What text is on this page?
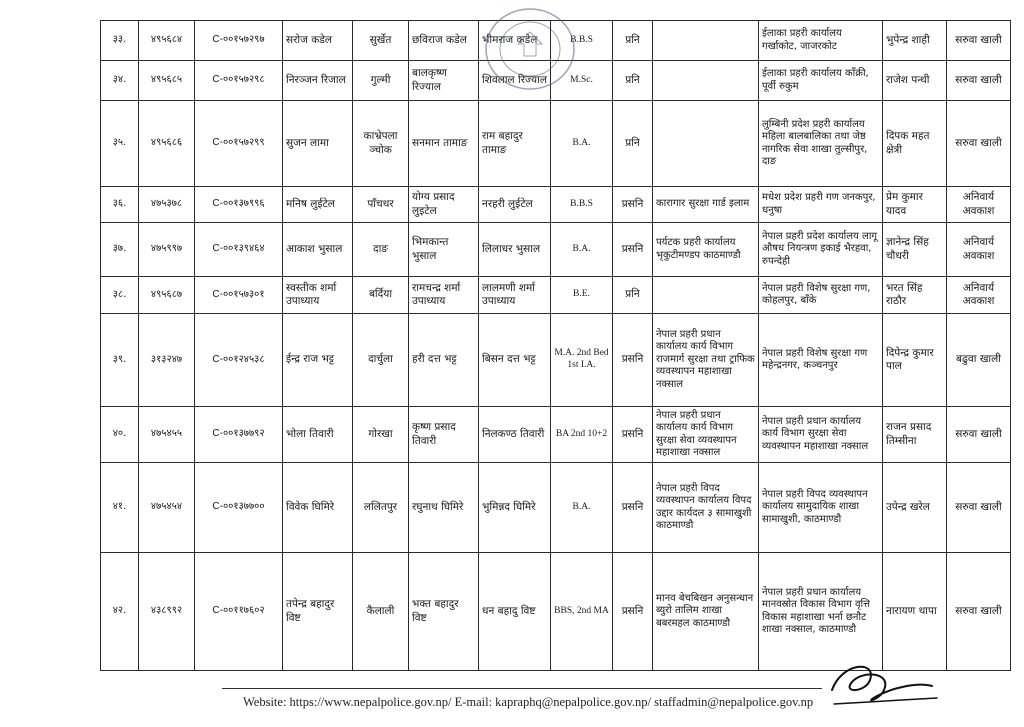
३३.	४९५६८४	C-००१५७२९७	सरोज कडेल	सुर्खेत	छविराज कडेल	भीमराज कडेल	B.B.S	प्रनि		ईलाका प्रहरी कार्यालय गर्खाकोट, जाजरकोट	भुपेन्द्र शाही	सरुवा खाली
३४.	४९५६८५	C-००१५७२९८	निरञ्जन रिजाल	गुल्मी	बालकृष्ण रिज्याल	शिवलाल रिज्याल	M.Sc.	प्रनि		ईलाका प्रहरी कार्यालय काँक्री, पूर्वी रुकुम	राजेश पन्थी	सरुवा खाली
३५.	४९५६८६	C-००१५७२९९	सुजन लामा	काभ्रेपला ञ्चोक	सनमान तामाङ	राम बहादुर तामाङ	B.A.	प्रनि		लुम्बिनी प्रदेश प्रहरी कार्यालय महिला बालबालिका तथा जेष्ठ नागरिक सेवा शाखा तुल्सीपुर, दाङ	दिपक महत क्षेत्री	सरुवा खाली
३६.	४७५३७८	C-००१३७९९६	मनिष लुईटेल	पाँचथर	योग्य प्रसाद लुइटेल	नरहरी लुईटेल	B.B.S	प्रसनि	कारागार सुरक्षा गार्ड इलाम	मधेश प्रदेश प्रहरी गण जनकपुर, धनुषा	प्रेम कुमार यादव	अनिवार्य अवकाश
३७.	४७५९९७	C-००१३९४६४	आकाश भुसाल	दाङ	भिमकान्त भुसाल	लिलाधर भुसाल	B.A.	प्रसनि	पर्यटक प्रहरी कार्यालय भृकुटीमण्डप काठमाण्डौ	नेपाल प्रहरी प्रदेश कार्यालय लागू औषध नियन्त्रण इकाई भैरहवा, रुपन्देही	ज्ञानेन्द्र सिंह चौधरी	अनिवार्य अवकाश
३८.	४९५६८७	C-००१५७३०१	स्वस्तीक शर्मा उपाध्याय	बर्दिया	रामचन्द्र शर्मा उपाध्याय	लालमणी शर्मा उपाध्याय	B.E.	प्रनि		नेपाल प्रहरी विशेष सुरक्षा गण, कोहलपुर, बाँके	भरत सिंह राठौर	अनिवार्य अवकाश
३९.	३१३२४७	C-००१२४५३८	ईन्द्र राज भट्ट	दार्चुला	हरी दत्त भट्ट	बिसन दत्त भट्ट	M.A. 2nd Bed 1st I.A.	प्रसनि	नेपाल प्रहरी प्रधान कार्यालय कार्य विभाग राजमार्ग सुरक्षा तथा ट्राफिक व्यवस्थापन महाशाखा नक्साल	नेपाल प्रहरी विशेष सुरक्षा गण महेन्द्रनगर, कञ्चनपुर	दिपेन्द्र कुमार पाल	बढुवा खाली
४०.	४७५४५५	C-००१३७७९२	भोला तिवारी	गोरखा	कृष्ण प्रसाद तिवारी	निलकण्ठ तिवारी	BA 2nd 10+2	प्रसनि	नेपाल प्रहरी प्रधान कार्यालय कार्य विभाग सुरक्षा सेवा व्यवस्थापन महाशाखा नक्साल	नेपाल प्रहरी प्रधान कार्यालय कार्य विभाग सुरक्षा सेवा व्यवस्थापन महाशाखा नक्साल	राजन प्रसाद तिम्सीना	सरुवा खाली
४१.	४७५४५४	C-००१३७७००	विवेक घिमिरे	ललितपुर	रघुनाथ घिमिरे	भुमिन्नद घिमिरे	B.A.	प्रसनि	नेपाल प्रहरी विपद व्यवस्थापन कार्यालय विपद उद्दार कार्यदल ३ सामाखुशी काठमाण्डौ	नेपाल प्रहरी विपद व्यवस्थापन कार्यालय सामुदायिक शाखा सामाखुशी, काठमाण्डौ	उपेन्द्र खरेल	सरुवा खाली
४२.	४३८९९२	C-००११७६०२	तपेन्द्र बहादुर विष्ट	कैलाली	भक्त बहादुर विष्ट	धन बहादु विष्ट	BBS, 2nd MA	प्रसनि	मानव बेचबिखन अनुसन्धान ब्युरो तालिम शाखा बबरमहल काठमाण्डौ	नेपाल प्रहरी प्रधान कार्यालय मानवस्रोत विकास विभाग वृत्ति विकास महाशाखा भर्ना छनौट शाखा नक्साल, काठमाण्डौ	नारायण थापा	सरुवा खाली
Website: https://www.nepalpolice.gov.np/ E-mail: kapraphq@nepalpolice.gov.np/ staffadmin@nepalpolice.gov.np
